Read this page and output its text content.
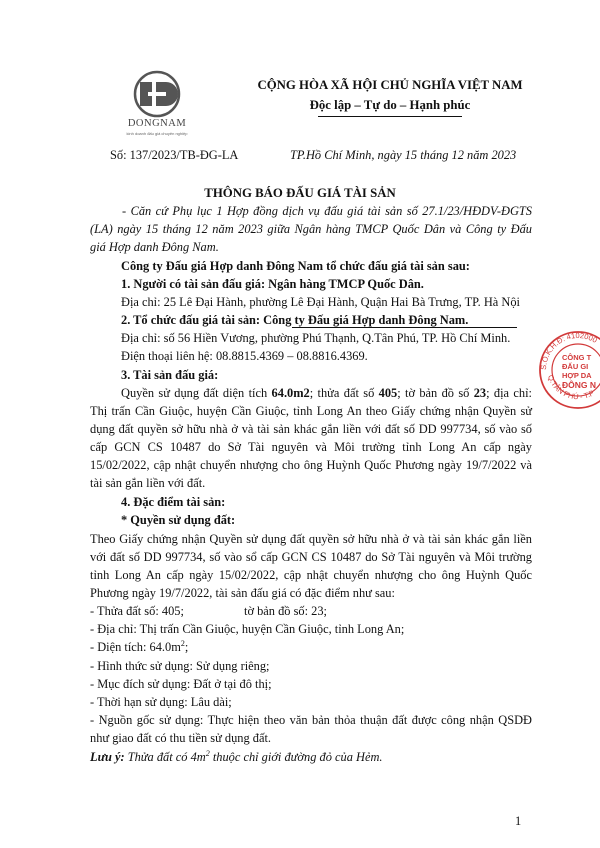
DONGNAM
kinh doanh đấu giá chuyên nghiệp
CỘNG HÒA XÃ HỘI CHỦ NGHĨA VIỆT NAM
Độc lập – Tự do – Hạnh phúc
Số: 137/2023/TB-ĐG-LA	TP.Hồ Chí Minh, ngày 15 tháng 12 năm 2023
THÔNG BÁO ĐẤU GIÁ TÀI SẢN
- Căn cứ Phụ lục 1 Hợp đồng dịch vụ đấu giá tài sản số 27.1/23/HĐDV-ĐGTS
(LA) ngày 15 tháng 12 năm 2023 giữa Ngân hàng TMCP Quốc Dân và Công ty Đấu
giá Hợp danh Đông Nam.
Công ty Đấu giá Hợp danh Đông Nam tổ chức đấu giá tài sản sau:
1. Người có tài sản đấu giá: Ngân hàng TMCP Quốc Dân.
Địa chỉ: 25 Lê Đại Hành, phường Lê Đại Hành, Quận Hai Bà Trưng, TP. Hà Nội
2. Tổ chức đấu giá tài sản: Công ty Đấu giá Hợp danh Đông Nam.
Địa chỉ: số 56 Hiền Vương, phường Phú Thạnh, Q.Tân Phú, TP. Hồ Chí Minh.
Điện thoại liên hệ: 08.8815.4369 – 08.8816.4369.
3. Tài sản đấu giá:
Quyền sử dụng đất diện tích 64.0m2; thửa đất số 405; tờ bản đồ số 23; địa chỉ:
Thị trấn Cần Giuộc, huyện Cần Giuộc, tỉnh Long An theo Giấy chứng nhận Quyền sử
dụng đất quyền sở hữu nhà ở và tài sản khác gắn liền với đất số DD 997734, số vào số
cấp GCN CS 10487 do Sở Tài nguyên và Môi trường tỉnh Long An cấp ngày
15/02/2022, cập nhật chuyển nhượng cho ông Huỳnh Quốc Phương ngày 19/7/2022 và
tài sản gắn liền với đất.
4. Đặc điểm tài sản:
* Quyền sử dụng đất:
Theo Giấy chứng nhận Quyền sử dụng đất quyền sở hữu nhà ở và tài sản khác gắn liền
với đất số DD 997734, số vào sổ cấp GCN CS 10487 do Sở Tài nguyên và Môi trường
tỉnh Long An cấp ngày 15/02/2022, cập nhật chuyển nhượng cho ông Huỳnh Quốc
Phương ngày 19/7/2022, tài sản đấu giá có đặc điểm như sau:
- Thửa đất số: 405;	tờ bản đồ số: 23;
- Địa chỉ: Thị trấn Cần Giuộc, huyện Cần Giuộc, tỉnh Long An;
- Diện tích: $64.0m^2$;
- Hình thức sử dụng: Sử dụng riêng;
- Mục đích sử dụng: Đất ở tại đô thị;
- Thời hạn sử dụng: Lâu dài;
- Nguồn gốc sử dụng: Thực hiện theo văn bản thỏa thuận đất được công nhận QSDĐ
như giao đất có thu tiền sử dụng đất.
Lưu ý: Thửa đất có $4m^2$ thuộc chỉ giới đường đỏ của Hẻm.
1
S.Ố.K.H.Đ: 4102000
Q.TÂN PHÚ - T.P
CÔNG T
ĐẤU GI
HỢP DA
ĐÔNG N
